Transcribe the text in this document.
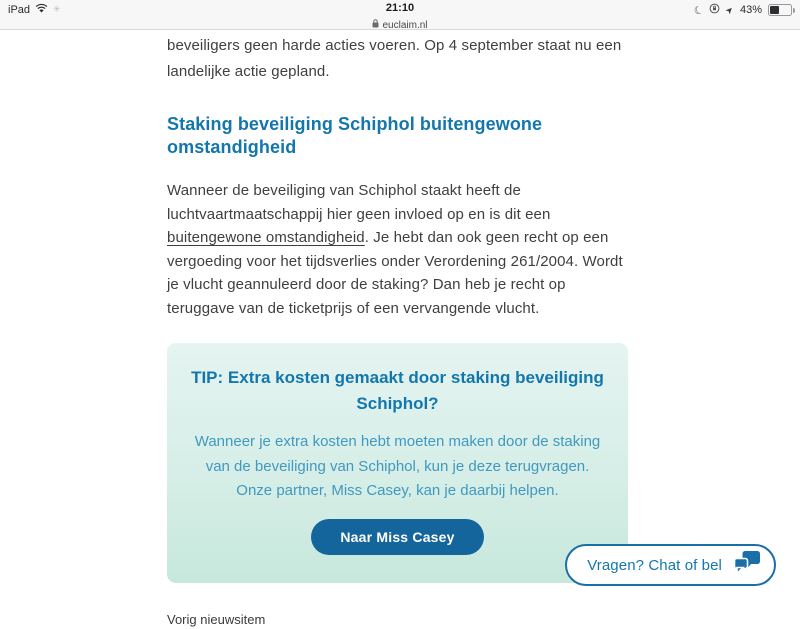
iPad	✳	21:10
euclaim.nl
☾ ➤ 43%

beveiligers geen harde acties voeren. Op 4 september staat nu een landelijke actie gepland.

Staking beveiliging Schiphol buitengewone omstandigheid

Wanneer de beveiliging van Schiphol staakt heeft de luchtvaartmaatschappij hier geen invloed op en is dit een buitengewone omstandigheid. Je hebt dan ook geen recht op een vergoeding voor het tijdsverlies onder Verordening 261/2004. Wordt je vlucht geannuleerd door de staking? Dan heb je recht op teruggave van de ticketprijs of een vervangende vlucht.

TIP: Extra kosten gemaakt door staking beveiliging Schiphol?

Wanneer je extra kosten hebt moeten maken door de staking van de beveiliging van Schiphol, kun je deze terugvragen. Onze partner, Miss Casey, kan je daarbij helpen.

Naar Miss Casey
Vorig nieuwsitem
Vragen? Chat of bel
